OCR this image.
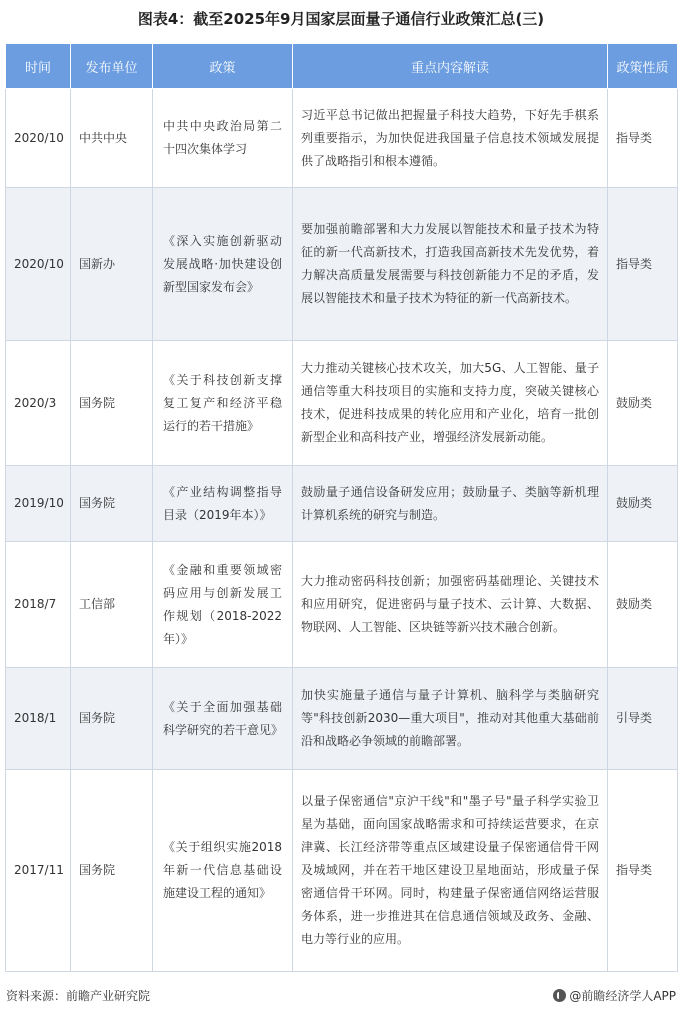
图表4：截至2025年9月国家层面量子通信行业政策汇总(三)
时间	发布单位	政策	重点内容解读	政策性质
2020/10	中共中央	中共中央政治局第二十四次集体学习	习近平总书记做出把握量子科技大趋势，下好先手棋系列重要指示，为加快促进我国量子信息技术领域发展提供了战略指引和根本遵循。	指导类
2020/10	国新办	《深入实施创新驱动发展战略·加快建设创新型国家发布会》	要加强前瞻部署和大力发展以智能技术和量子技术为特征的新一代高新技术，打造我国高新技术先发优势，着力解决高质量发展需要与科技创新能力不足的矛盾，发展以智能技术和量子技术为特征的新一代高新技术。	指导类
2020/3	国务院	《关于科技创新支撑复工复产和经济平稳运行的若干措施》	大力推动关键核心技术攻关，加大5G、人工智能、量子通信等重大科技项目的实施和支持力度，突破关键核心技术，促进科技成果的转化应用和产业化，培育一批创新型企业和高科技产业，增强经济发展新动能。	鼓励类
2019/10	国务院	《产业结构调整指导目录（2019年本）》	鼓励量子通信设备研发应用；鼓励量子、类脑等新机理计算机系统的研究与制造。	鼓励类
2018/7	工信部	《金融和重要领域密码应用与创新发展工作规划（2018-2022年）》	大力推动密码科技创新；加强密码基础理论、关键技术和应用研究，促进密码与量子技术、云计算、大数据、物联网、人工智能、区块链等新兴技术融合创新。	鼓励类
2018/1	国务院	《关于全面加强基础科学研究的若干意见》	加快实施量子通信与量子计算机、脑科学与类脑研究等"科技创新2030—重大项目"，推动对其他重大基础前沿和战略必争领域的前瞻部署。	引导类
2017/11	国务院	《关于组织实施2018年新一代信息基础设施建设工程的通知》	以量子保密通信"京沪干线"和"墨子号"量子科学实验卫星为基础，面向国家战略需求和可持续运营要求，在京津冀、长江经济带等重点区域建设量子保密通信骨干网及城域网，并在若干地区建设卫星地面站，形成量子保密通信骨干环网。同时，构建量子保密通信网络运营服务体系，进一步推进其在信息通信领域及政务、金融、电力等行业的应用。	指导类
资料来源：前瞻产业研究院	@前瞻经济学人APP
